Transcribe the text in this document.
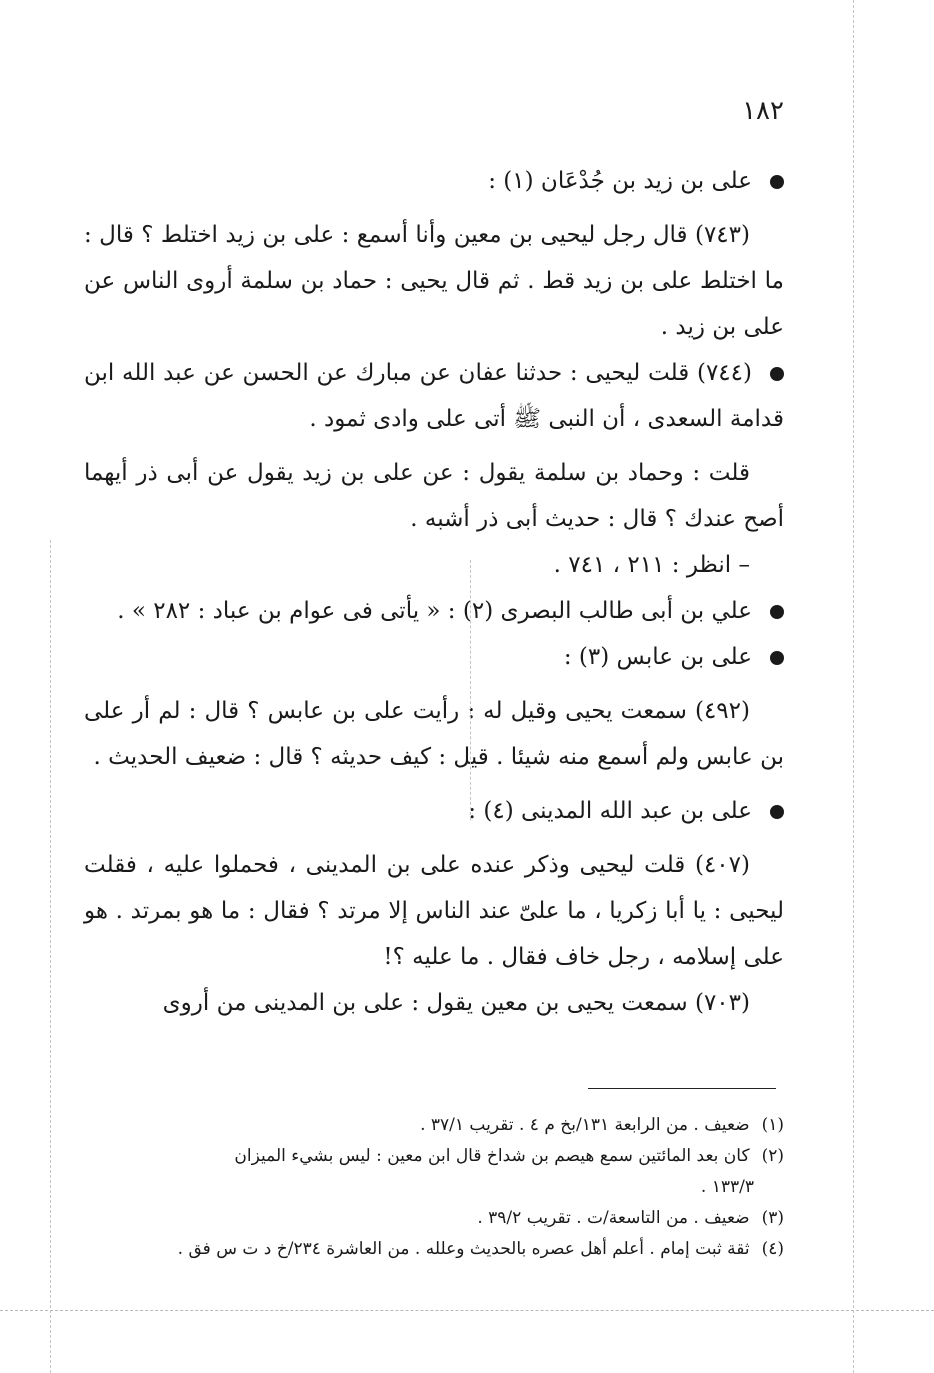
١٨٢

على بن زيد بن جُدْعَان (١) :

(٧٤٣) قال رجل ليحيى بن معين وأنا أسمع : على بن زيد اختلط ؟ قال : ما اختلط على بن زيد قط . ثم قال يحيى : حماد بن سلمة أروى الناس عن على بن زيد .

(٧٤٤) قلت ليحيى : حدثنا عفان عن مبارك عن الحسن عن عبد الله ابن قدامة السعدى ، أن النبى ﷺ أتى على وادى ثمود .

قلت : وحماد بن سلمة يقول : عن على بن زيد يقول عن أبى ذر أيهما أصح عندك ؟ قال : حديث أبى ذر أشبه .

– انظر : ٢١١ ، ٧٤١ .

علي بن أبى طالب البصرى (٢) : « يأتى فى عوام بن عباد : ٢٨٢ » .

على بن عابس (٣) :

(٤٩٢) سمعت يحيى وقيل له : رأيت على بن عابس ؟ قال : لم أر على بن عابس ولم أسمع منه شيئا . قيل : كيف حديثه ؟ قال : ضعيف الحديث .

على بن عبد الله المدينى (٤) :

(٤٠٧) قلت ليحيى وذكر عنده على بن المدينى ، فحملوا عليه ، فقلت ليحيى : يا أبا زكريا ، ما علىّ عند الناس إلا مرتد ؟ فقال : ما هو بمرتد . هو على إسلامه ، رجل خاف فقال . ما عليه ؟!

(٧٠٣) سمعت يحيى بن معين يقول : على بن المدينى من أروى

(١)ضعيف . من الرابعة ١٣١/بخ م ٤ . تقريب ٣٧/١ .

(٢)كان بعد المائتين سمع هيصم بن شداخ قال ابن معين : ليس بشيء الميزان

١٣٣/٣ .

(٣)ضعيف . من التاسعة/ت . تقريب ٣٩/٢ .

(٤)ثقة ثبت إمام . أعلم أهل عصره بالحديث وعلله . من العاشرة ٢٣٤/خ د ت س فق .
